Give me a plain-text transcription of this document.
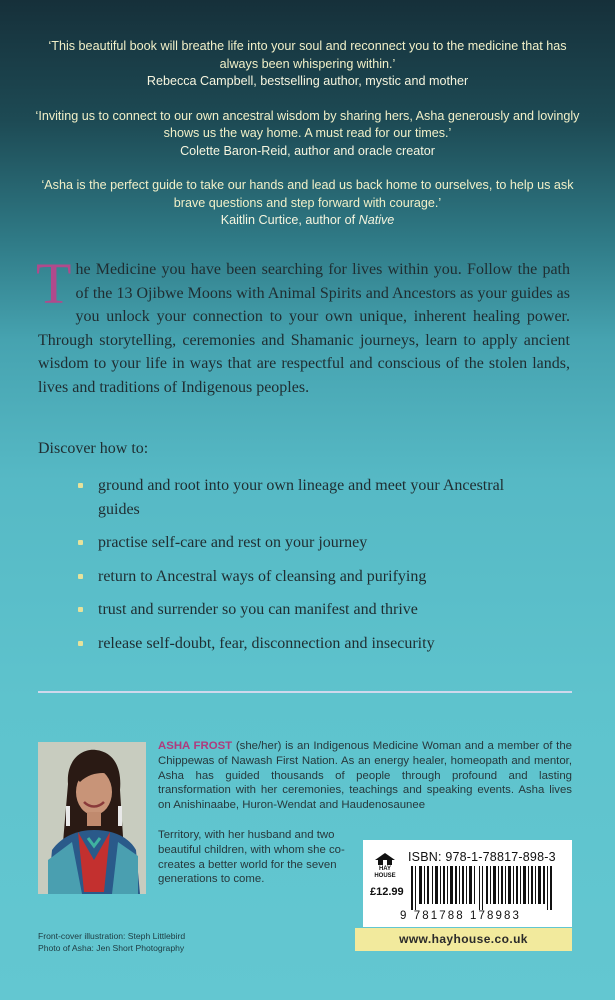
‘This beautiful book will breathe life into your soul and reconnect you to the medicine that has always been whispering within.’
Rebecca Campbell, bestselling author, mystic and mother
‘Inviting us to connect to our own ancestral wisdom by sharing hers, Asha generously and lovingly shows us the way home. A must read for our times.’
Colette Baron-Reid, author and oracle creator
‘Asha is the perfect guide to take our hands and lead us back home to ourselves, to help us ask brave questions and step forward with courage.’
Kaitlin Curtice, author of Native
The Medicine you have been searching for lives within you. Follow the path of the 13 Ojibwe Moons with Animal Spirits and Ancestors as your guides as you unlock your connection to your own unique, inherent healing power. Through storytelling, ceremonies and Shamanic journeys, learn to apply ancient wisdom to your life in ways that are respectful and conscious of the stolen lands, lives and traditions of Indigenous peoples.
Discover how to:
ground and root into your own lineage and meet your Ancestral guides
practise self-care and rest on your journey
return to Ancestral ways of cleansing and purifying
trust and surrender so you can manifest and thrive
release self-doubt, fear, disconnection and insecurity
ASHA FROST (she/her) is an Indigenous Medicine Woman and a member of the Chippewas of Nawash First Nation. As an energy healer, homeopath and mentor, Asha has guided thousands of people through profound and lasting transformation with her ceremonies, teachings and speaking events. Asha lives on Anishinaabe, Huron-Wendat and Haudenosaunee
Territory, with her husband and two beautiful children, with whom she co-creates a better world for the seven generations to come.
HAY HOUSE
£12.99
ISBN: 978-1-78817-898-3
9 781788 178983
www.hayhouse.co.uk
Front-cover illustration: Steph Littlebird
Photo of Asha: Jen Short Photography
